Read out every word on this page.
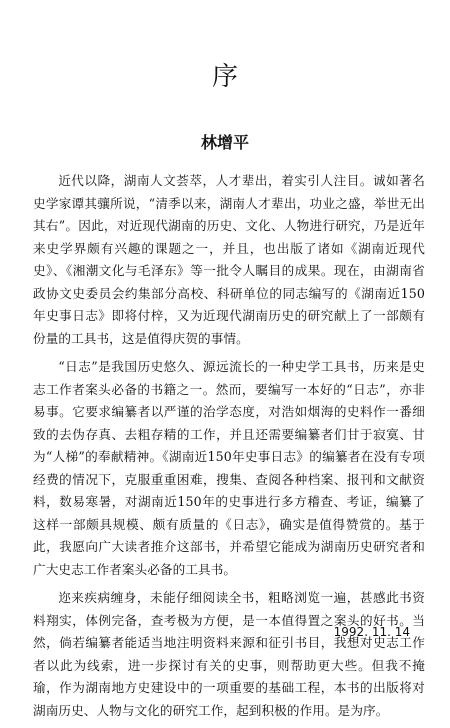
序
林增平

近代以降，湖南人文荟萃，人才辈出，着实引人注目。诚如著名史学家谭其骧所说，“清季以来，湖南人才辈出，功业之盛，举世无出其右”。因此，对近现代湖南的历史、文化、人物进行研究，乃是近年来史学界颇有兴趣的课题之一，并且，也出版了诸如《湖南近现代史》、《湘潮文化与毛泽东》等一批令人瞩目的成果。现在，由湖南省政协文史委员会约集部分高校、科研单位的同志编写的《湖南近150年史事日志》即将付梓，又为近现代湖南历史的研究献上了一部颇有份量的工具书，这是值得庆贺的事情。

“日志”是我国历史悠久、源远流长的一种史学工具书，历来是史志工作者案头必备的书籍之一。然而，要编写一本好的“日志”，亦非易事。它要求编纂者以严谨的治学态度，对浩如烟海的史料作一番细致的去伪存真、去粗存精的工作，并且还需要编纂者们甘于寂寞、甘为“人梯”的奉献精神。《湖南近150年史事日志》的编纂者在没有专项经费的情况下，克服重重困难，搜集、查阅各种档案、报刊和文献资料，数易寒暑，对湖南近150年的史事进行多方稽查、考证，编纂了这样一部颇具规模、颇有质量的《日志》，确实是值得赞赏的。基于此，我愿向广大读者推介这部书，并希望它能成为湖南历史研究者和广大史志工作者案头必备的工具书。

迩来疾病缠身，未能仔细阅读全书，粗略浏览一遍，甚感此书资料翔实，体例完备，查考极为方便，是一本值得置之案头的好书。当然，倘若编纂者能适当地注明资料来源和征引书目，我想对史志工作者以此为线索，进一步探讨有关的史事，则帮助更大些。但我不掩瑜，作为湖南地方史建设中的一项重要的基础工程，本书的出版将对湖南历史、人物与文化的研究工作，起到积极的作用。是为序。

1992. 11. 14
